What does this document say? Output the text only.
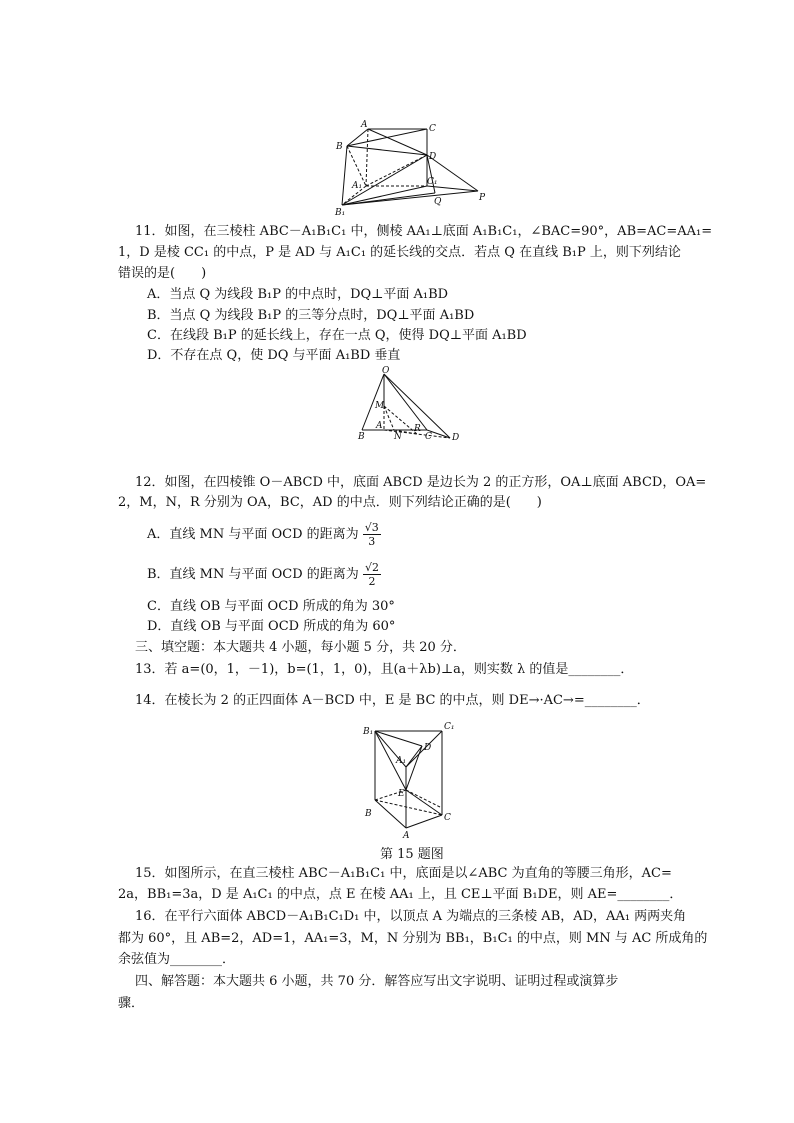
A	C
B
D
A₁	C₁
B₁
Q	P
11．如图，在三棱柱 ABC－A₁B₁C₁ 中，侧棱 AA₁⊥底面 A₁B₁C₁，∠BAC=90°，AB=AC=AA₁=
1，D 是棱 CC₁ 的中点，P 是 AD 与 A₁C₁ 的延长线的交点．若点 Q 在直线 B₁P 上，则下列结论
错误的是(　　)
A．当点 Q 为线段 B₁P 的中点时，DQ⊥平面 A₁BD
B．当点 Q 为线段 B₁P 的三等分点时，DQ⊥平面 A₁BD
C．在线段 B₁P 的延长线上，存在一点 Q，使得 DQ⊥平面 A₁BD
D．不存在点 Q，使 DQ 与平面 A₁BD 垂直
O
M
A
B	N	C
R
D
12．如图，在四棱锥 O－ABCD 中，底面 ABCD 是边长为 2 的正方形，OA⊥底面 ABCD，OA=
2，M，N，R 分别为 OA，BC，AD 的中点．则下列结论正确的是(　　)
A．直线 MN 与平面 OCD 的距离为 $\frac{√3}{3}$
B．直线 MN 与平面 OCD 的距离为 $\frac{√2}{2}$
C．直线 OB 与平面 OCD 所成的角为 30°
D．直线 OB 与平面 OCD 所成的角为 60°
三、填空题：本大题共 4 小题，每小题 5 分，共 20 分．
13．若 a=(0，1，－1)，b=(1，1，0)，且(a＋λb)⊥a，则实数 λ 的值是________．
14．在棱长为 2 的正四面体 A－BCD 中，E 是 BC 的中点，则 DE→·AC→=________．
B₁	C₁
D
A₁
E
B	C
A
第 15 题图
15．如图所示，在直三棱柱 ABC－A₁B₁C₁ 中，底面是以∠ABC 为直角的等腰三角形，AC=
2a，BB₁=3a，D 是 A₁C₁ 的中点，点 E 在棱 AA₁ 上，且 CE⊥平面 B₁DE，则 AE=________．
16．在平行六面体 ABCD－A₁B₁C₁D₁ 中，以顶点 A 为端点的三条棱 AB，AD，AA₁ 两两夹角
都为 60°，且 AB=2，AD=1，AA₁=3，M，N 分别为 BB₁，B₁C₁ 的中点，则 MN 与 AC 所成角的
余弦值为________．
四、解答题：本大题共 6 小题，共 70 分．解答应写出文字说明、证明过程或演算步
骤．
